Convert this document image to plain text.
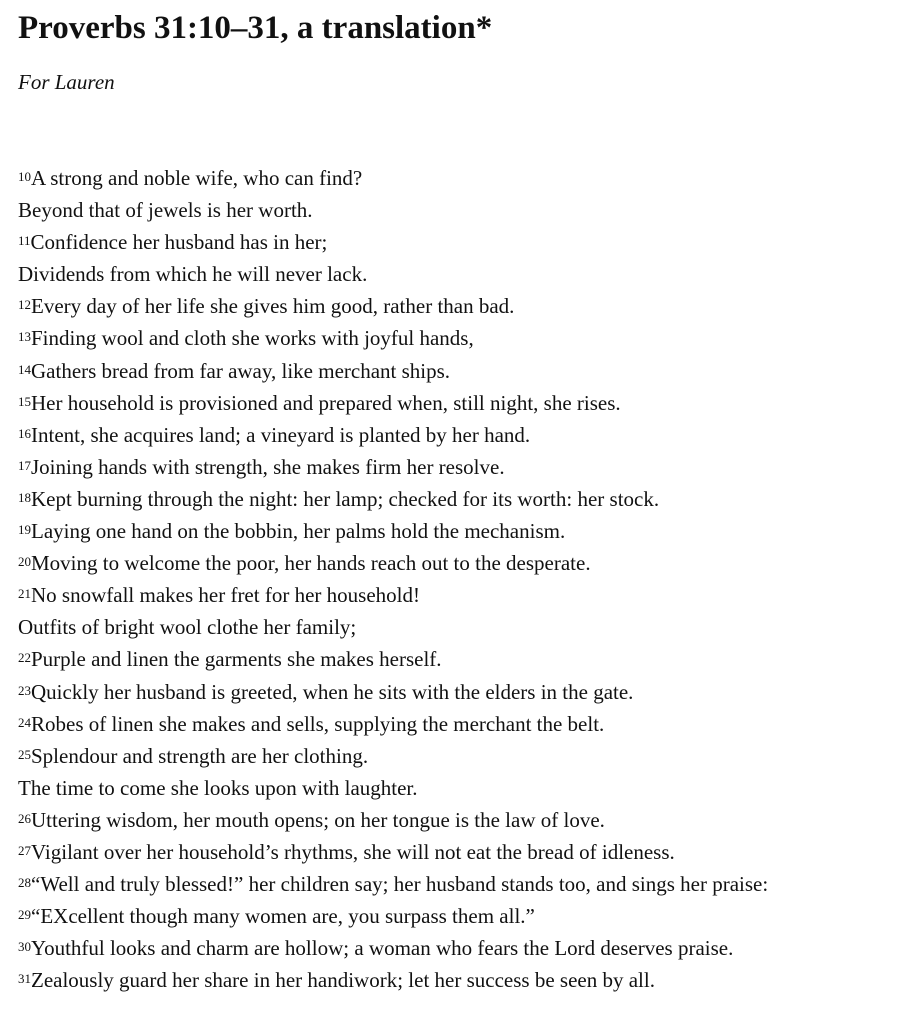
Proverbs 31:10–31, a translation*

For Lauren

$^{10}$A strong and noble wife, who can find?
Beyond that of jewels is her worth.
$^{11}$Confidence her husband has in her;
Dividends from which he will never lack.
$^{12}$Every day of her life she gives him good, rather than bad.
$^{13}$Finding wool and cloth she works with joyful hands,
$^{14}$Gathers bread from far away, like merchant ships.
$^{15}$Her household is provisioned and prepared when, still night, she rises.
$^{16}$Intent, she acquires land; a vineyard is planted by her hand.
$^{17}$Joining hands with strength, she makes firm her resolve.
$^{18}$Kept burning through the night: her lamp; checked for its worth: her stock.
$^{19}$Laying one hand on the bobbin, her palms hold the mechanism.
$^{20}$Moving to welcome the poor, her hands reach out to the desperate.
$^{21}$No snowfall makes her fret for her household!
Outfits of bright wool clothe her family;
$^{22}$Purple and linen the garments she makes herself.
$^{23}$Quickly her husband is greeted, when he sits with the elders in the gate.
$^{24}$Robes of linen she makes and sells, supplying the merchant the belt.
$^{25}$Splendour and strength are her clothing.
The time to come she looks upon with laughter.
$^{26}$Uttering wisdom, her mouth opens; on her tongue is the law of love.
$^{27}$Vigilant over her household’s rhythms, she will not eat the bread of idleness.
$^{28}$“Well and truly blessed!” her children say; her husband stands too, and sings her praise:
$^{29}$“EXcellent though many women are, you surpass them all.”
$^{30}$Youthful looks and charm are hollow; a woman who fears the Lord deserves praise.
$^{31}$Zealously guard her share in her handiwork; let her success be seen by all.
